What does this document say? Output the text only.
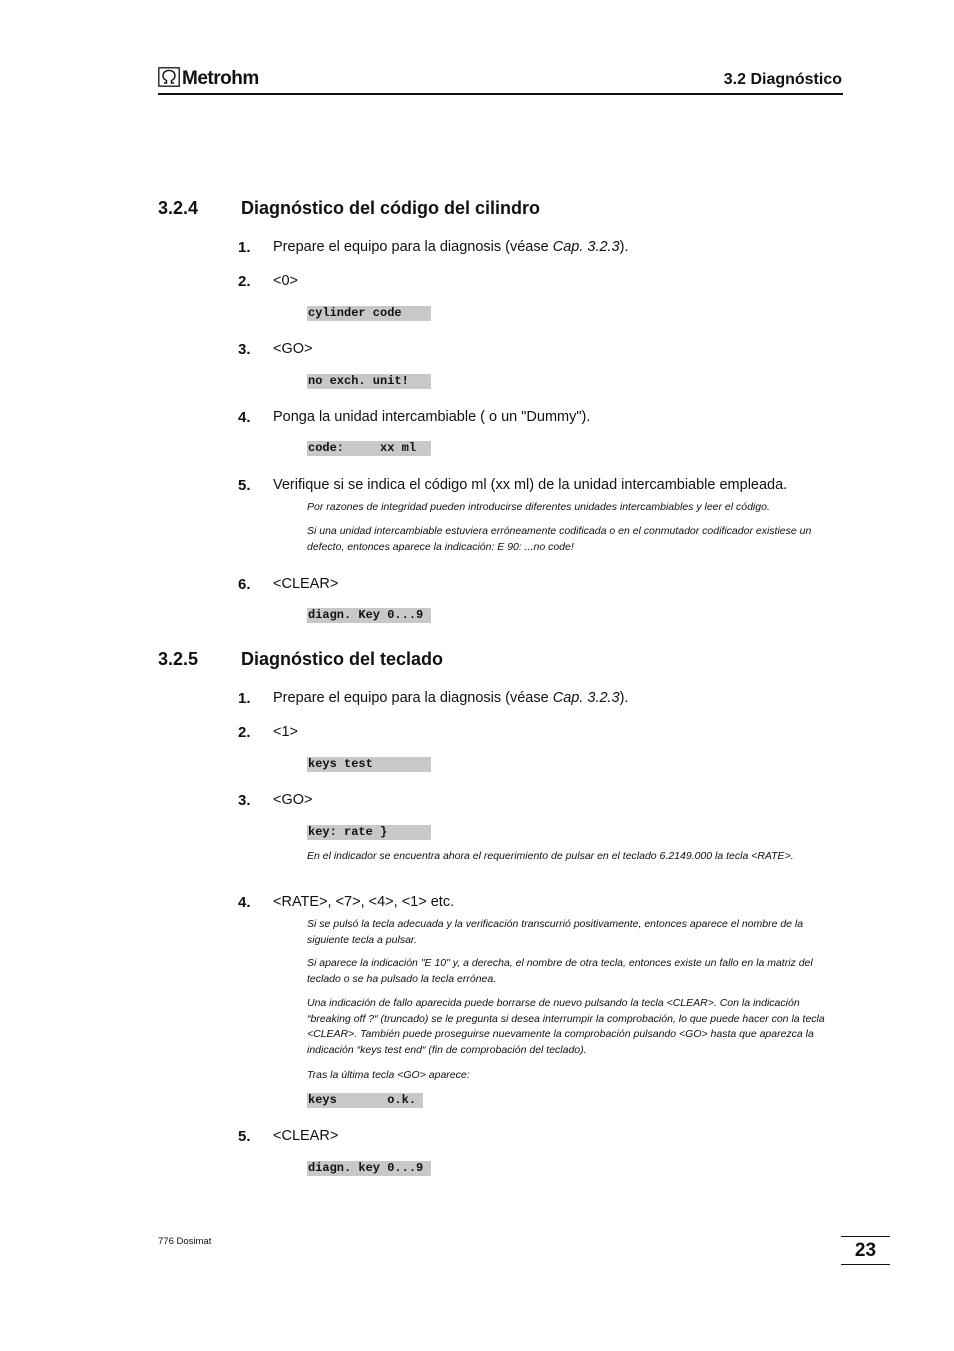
Metrohm	3.2 Diagnóstico
3.2.4 Diagnóstico del código del cilindro
1. Prepare el equipo para la diagnosis (véase Cap. 3.2.3).
2. <0>
cylinder code
3. <GO>
no exch. unit!
4. Ponga la unidad intercambiable ( o un "Dummy").
code:     xx ml
5. Verifique si se indica el código ml (xx ml) de la unidad intercambiable empleada.
Por razones de integridad pueden introducirse diferentes unidades intercambiables y leer el código.
Si una unidad intercambiable estuviera erróneamente codificada o en el conmutador codificador existiese un defecto, entonces aparece la indicación: E 90: ...no code!
6. <CLEAR>
diagn. Key 0...9
3.2.5 Diagnóstico del teclado
1. Prepare el equipo para la diagnosis (véase Cap. 3.2.3).
2. <1>
keys test
3. <GO>
key: rate }
En el indicador se encuentra ahora el requerimiento de pulsar en el teclado 6.2149.000 la tecla <RATE>.
4. <RATE>, <7>, <4>, <1> etc.
Si se pulsó la tecla adecuada y la verificación transcurrió positivamente, entonces aparece el nombre de la siguiente tecla a pulsar.
Si aparece la indicación "E 10" y, a derecha, el nombre de otra tecla, entonces existe un fallo en la matriz del teclado o se ha pulsado la tecla errónea.
Una indicación de fallo aparecida puede borrarse de nuevo pulsando la tecla <CLEAR>. Con la indicación “breaking off ?“ (truncado) se le pregunta si desea interrumpir la comprobación, lo que puede hacer con la tecla <CLEAR>. También puede proseguirse nuevamente la comprobación pulsando <GO> hasta que aparezca la indicación “keys test end“ (fin de comprobación del teclado).
Tras la última tecla <GO> aparece:
keys       o.k.
5. <CLEAR>
diagn. key 0...9
776 Dosimat	23
